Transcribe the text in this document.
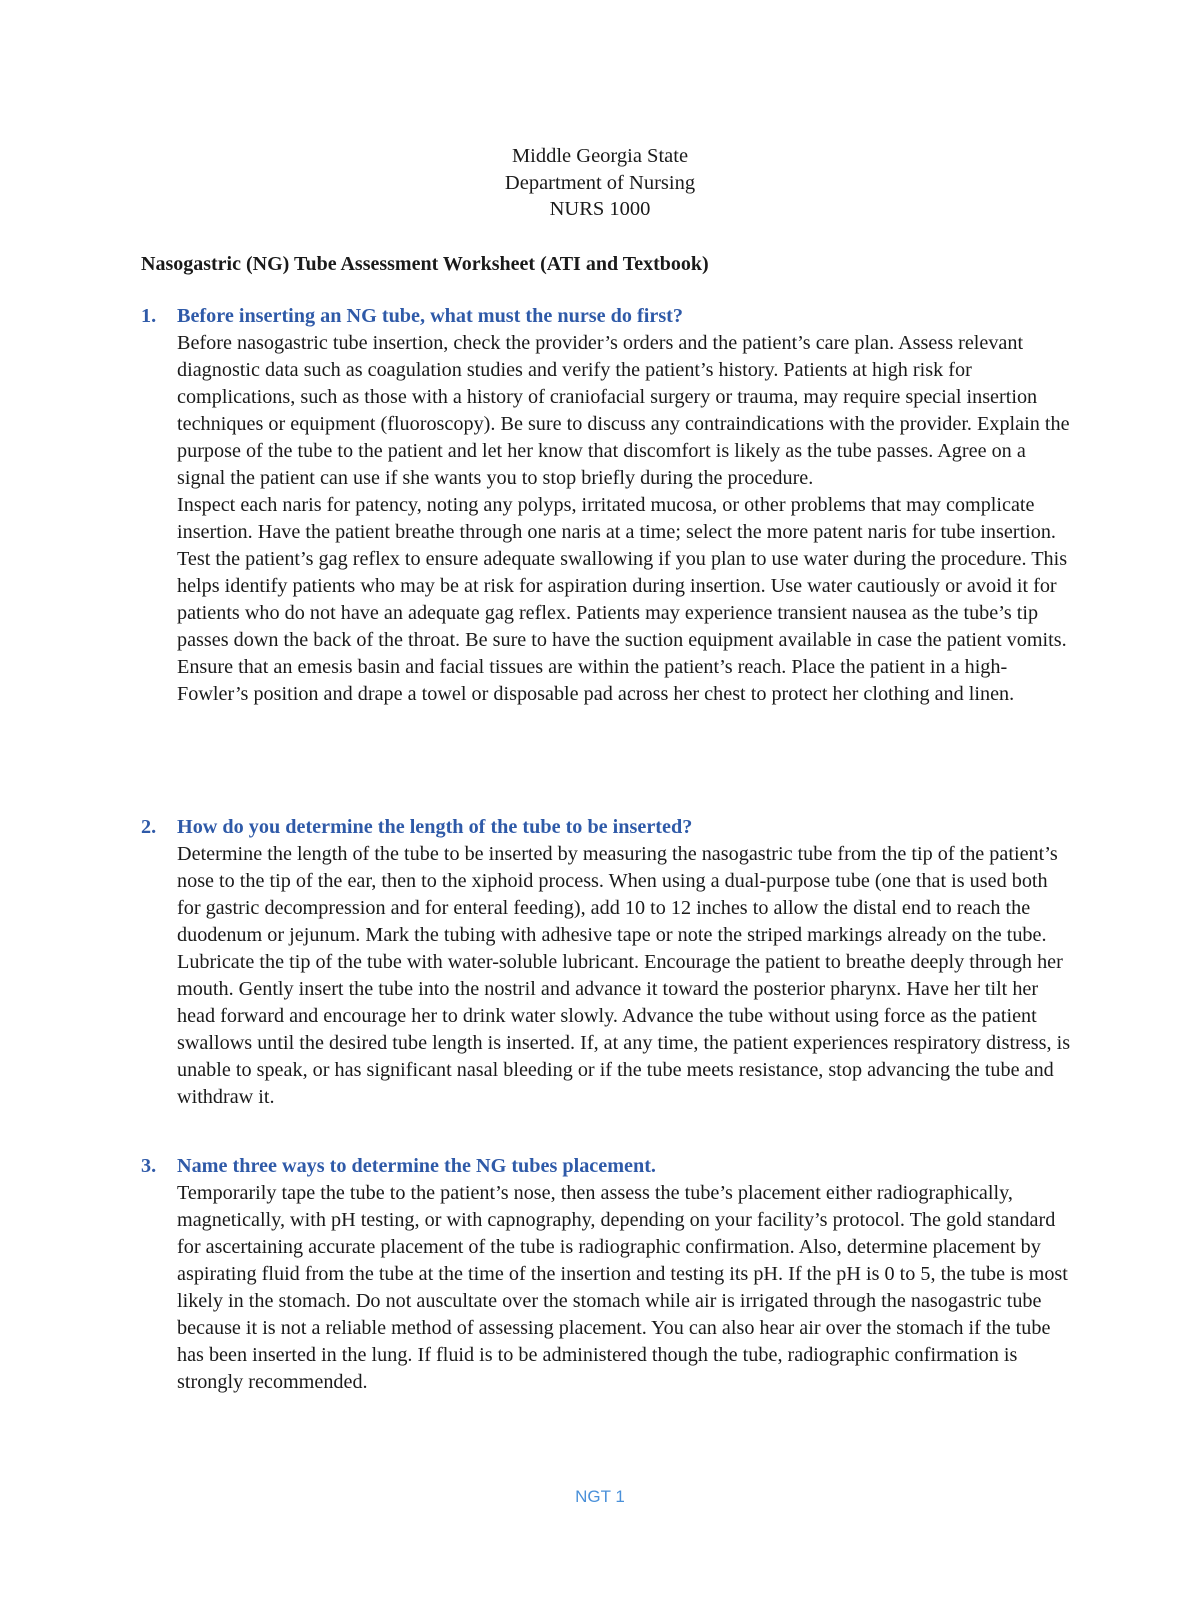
Middle Georgia State
Department of Nursing
NURS 1000
Nasogastric (NG) Tube Assessment Worksheet (ATI and Textbook)
1.	Before inserting an NG tube, what must the nurse do first?

Before nasogastric tube insertion, check the provider’s orders and the patient’s care plan. Assess relevant diagnostic data such as coagulation studies and verify the patient’s history. Patients at high risk for complications, such as those with a history of craniofacial surgery or trauma, may require special insertion techniques or equipment (fluoroscopy). Be sure to discuss any contraindications with the provider. Explain the purpose of the tube to the patient and let her know that discomfort is likely as the tube passes. Agree on a signal the patient can use if she wants you to stop briefly during the procedure.

Inspect each naris for patency, noting any polyps, irritated mucosa, or other problems that may complicate insertion. Have the patient breathe through one naris at a time; select the more patent naris for tube insertion. Test the patient’s gag reflex to ensure adequate swallowing if you plan to use water during the procedure. This helps identify patients who may be at risk for aspiration during insertion. Use water cautiously or avoid it for patients who do not have an adequate gag reflex. Patients may experience transient nausea as the tube’s tip passes down the back of the throat. Be sure to have the suction equipment available in case the patient vomits. Ensure that an emesis basin and facial tissues are within the patient’s reach. Place the patient in a high-Fowler’s position and drape a towel or disposable pad across her chest to protect her clothing and linen.

2.	How do you determine the length of the tube to be inserted?

Determine the length of the tube to be inserted by measuring the nasogastric tube from the tip of the patient’s nose to the tip of the ear, then to the xiphoid process. When using a dual-purpose tube (one that is used both for gastric decompression and for enteral feeding), add 10 to 12 inches to allow the distal end to reach the duodenum or jejunum. Mark the tubing with adhesive tape or note the striped markings already on the tube. Lubricate the tip of the tube with water-soluble lubricant. Encourage the patient to breathe deeply through her mouth. Gently insert the tube into the nostril and advance it toward the posterior pharynx. Have her tilt her head forward and encourage her to drink water slowly. Advance the tube without using force as the patient swallows until the desired tube length is inserted. If, at any time, the patient experiences respiratory distress, is unable to speak, or has significant nasal bleeding or if the tube meets resistance, stop advancing the tube and withdraw it.

3.	Name three ways to determine the NG tubes placement.

Temporarily tape the tube to the patient’s nose, then assess the tube’s placement either radiographically, magnetically, with pH testing, or with capnography, depending on your facility’s protocol. The gold standard for ascertaining accurate placement of the tube is radiographic confirmation. Also, determine placement by aspirating fluid from the tube at the time of the insertion and testing its pH. If the pH is 0 to 5, the tube is most likely in the stomach. Do not auscultate over the stomach while air is irrigated through the nasogastric tube because it is not a reliable method of assessing placement. You can also hear air over the stomach if the tube has been inserted in the lung. If fluid is to be administered though the tube, radiographic confirmation is strongly recommended.

NGT 1
